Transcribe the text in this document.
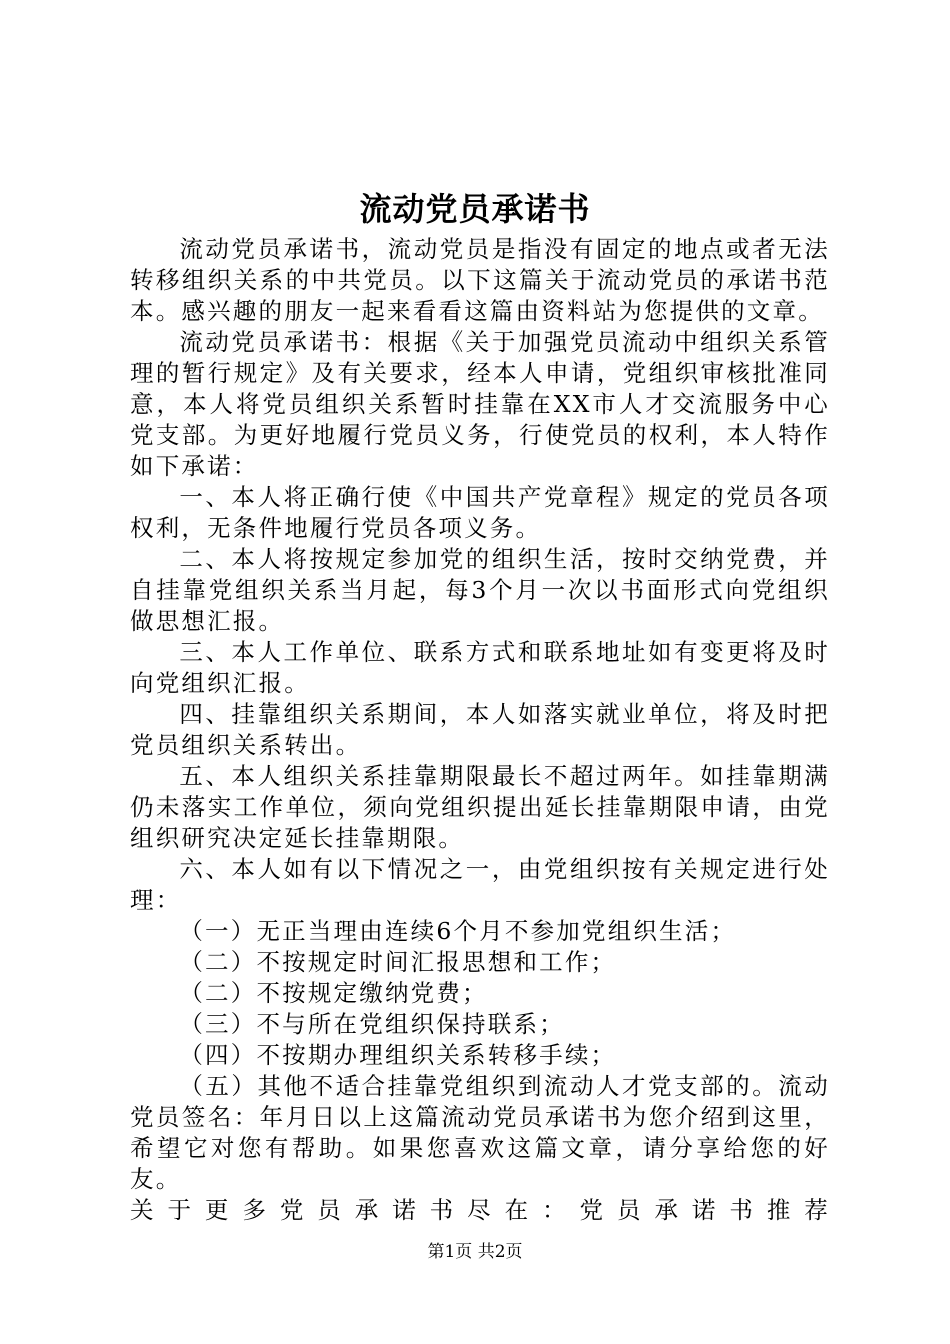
流动党员承诺书

流动党员承诺书，流动党员是指没有固定的地点或者无法转移组织关系的中共党员。以下这篇关于流动党员的承诺书范本。感兴趣的朋友一起来看看这篇由资料站为您提供的文章。

流动党员承诺书：根据《关于加强党员流动中组织关系管理的暂行规定》及有关要求，经本人申请，党组织审核批准同意，本人将党员组织关系暂时挂靠在XX市人才交流服务中心党支部。为更好地履行党员义务，行使党员的权利，本人特作如下承诺：

一、本人将正确行使《中国共产党章程》规定的党员各项权利，无条件地履行党员各项义务。

二、本人将按规定参加党的组织生活，按时交纳党费，并自挂靠党组织关系当月起，每3个月一次以书面形式向党组织做思想汇报。

三、本人工作单位、联系方式和联系地址如有变更将及时向党组织汇报。

四、挂靠组织关系期间，本人如落实就业单位，将及时把党员组织关系转出。

五、本人组织关系挂靠期限最长不超过两年。如挂靠期满仍未落实工作单位，须向党组织提出延长挂靠期限申请，由党组织研究决定延长挂靠期限。

六、本人如有以下情况之一，由党组织按有关规定进行处理：

（一）无正当理由连续6个月不参加党组织生活；

（二）不按规定时间汇报思想和工作；

（二）不按规定缴纳党费；

（三）不与所在党组织保持联系；

（四）不按期办理组织关系转移手续；

（五）其他不适合挂靠党组织到流动人才党支部的。流动党员签名：年月日以上这篇流动党员承诺书为您介绍到这里，希望它对您有帮助。如果您喜欢这篇文章，请分享给您的好友。

关于更多党员承诺书尽在：党员承诺书推荐

第1页 共2页
